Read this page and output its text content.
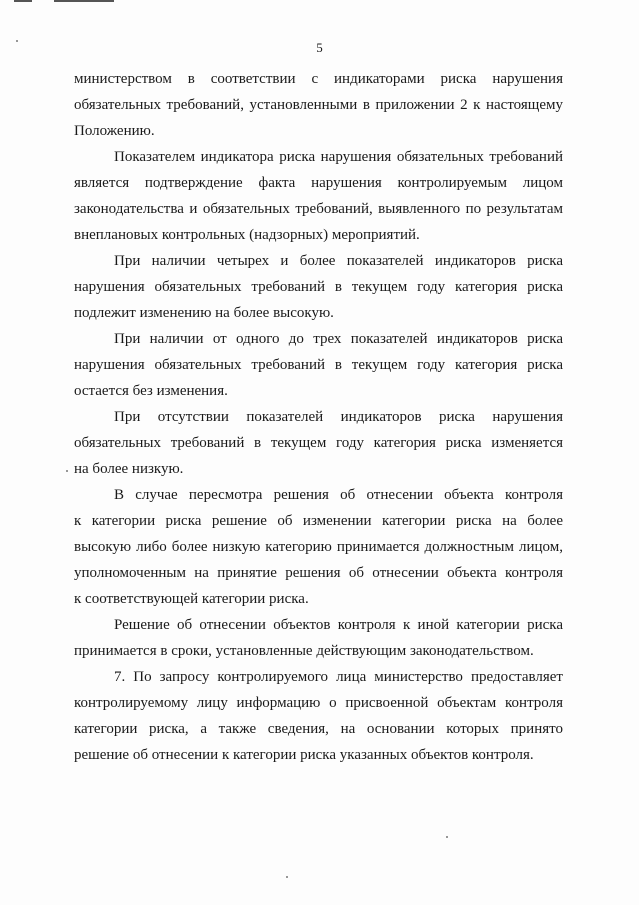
5
министерством в соответствии с индикаторами риска нарушения
обязательных требований, установленными в приложении 2 к настоящему
Положению.
Показателем индикатора риска нарушения обязательных требований
является подтверждение факта нарушения контролируемым лицом
законодательства и обязательных требований, выявленного по результатам
внеплановых контрольных (надзорных) мероприятий.
При наличии четырех и более показателей индикаторов риска
нарушения обязательных требований в текущем году категория риска
подлежит изменению на более высокую.
При наличии от одного до трех показателей индикаторов риска
нарушения обязательных требований в текущем году категория риска
остается без изменения.
При отсутствии показателей индикаторов риска нарушения
обязательных требований в текущем году категория риска изменяется
на более низкую.
В случае пересмотра решения об отнесении объекта контроля
к категории риска решение об изменении категории риска на более
высокую либо более низкую категорию принимается должностным лицом,
уполномоченным на принятие решения об отнесении объекта контроля
к соответствующей категории риска.
Решение об отнесении объектов контроля к иной категории риска
принимается в сроки, установленные действующим законодательством.
7. По запросу контролируемого лица министерство предоставляет
контролируемому лицу информацию о присвоенной объектам контроля
категории риска, а также сведения, на основании которых принято
решение об отнесении к категории риска указанных объектов контроля.
